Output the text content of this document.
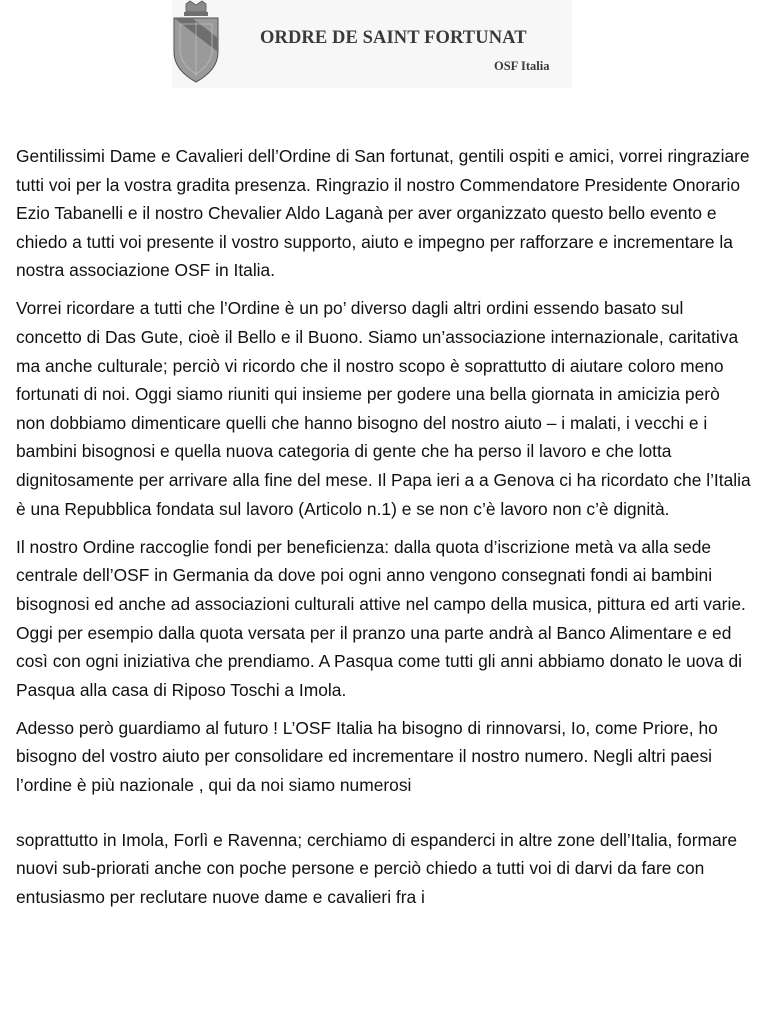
ORDRE DE SAINT FORTUNAT
OSF Italia

Gentilissimi Dame e Cavalieri dell’Ordine di San fortunat, gentili ospiti e amici, vorrei ringraziare tutti voi per la vostra gradita presenza. Ringrazio il nostro Commendatore Presidente Onorario Ezio Tabanelli e il nostro Chevalier Aldo Laganà per aver organizzato questo bello evento e chiedo a tutti voi presente il vostro supporto, aiuto e impegno per rafforzare e incrementare la nostra associazione OSF in Italia.

Vorrei ricordare a tutti che l’Ordine è un po’ diverso dagli altri ordini essendo basato sul concetto di Das Gute, cioè il Bello e il Buono. Siamo un’associazione internazionale, caritativa ma anche culturale; perciò vi ricordo che il nostro scopo è soprattutto di aiutare coloro meno fortunati di noi. Oggi siamo riuniti qui insieme per godere una bella giornata in amicizia però non dobbiamo dimenticare quelli che hanno bisogno del nostro aiuto – i malati, i vecchi e i bambini bisognosi e quella nuova categoria di gente che ha perso il lavoro e che lotta dignitosamente per arrivare alla fine del mese. Il Papa ieri a a Genova ci ha ricordato che l’Italia è una Repubblica fondata sul lavoro (Articolo n.1) e se non c’è lavoro non c’è dignità.

Il nostro Ordine raccoglie fondi per beneficienza: dalla quota d’iscrizione metà va alla sede centrale dell’OSF in Germania da dove poi ogni anno vengono consegnati fondi ai bambini bisognosi ed anche ad associazioni culturali attive nel campo della musica, pittura ed arti varie. Oggi per esempio dalla quota versata per il pranzo una parte andrà al Banco Alimentare e ed così con ogni iniziativa che prendiamo. A Pasqua come tutti gli anni abbiamo donato le uova di Pasqua alla casa di Riposo Toschi a Imola.

Adesso però guardiamo al futuro ! L’OSF Italia ha bisogno di rinnovarsi, Io, come Priore, ho bisogno del vostro aiuto per consolidare ed incrementare il nostro numero. Negli altri paesi l’ordine è più nazionale , qui da noi siamo numerosi

soprattutto in Imola, Forlì e Ravenna; cerchiamo di espanderci in altre zone dell’Italia, formare nuovi sub-priorati anche con poche persone e perciò chiedo a tutti voi di darvi da fare con entusiasmo per reclutare nuove dame e cavalieri fra i
